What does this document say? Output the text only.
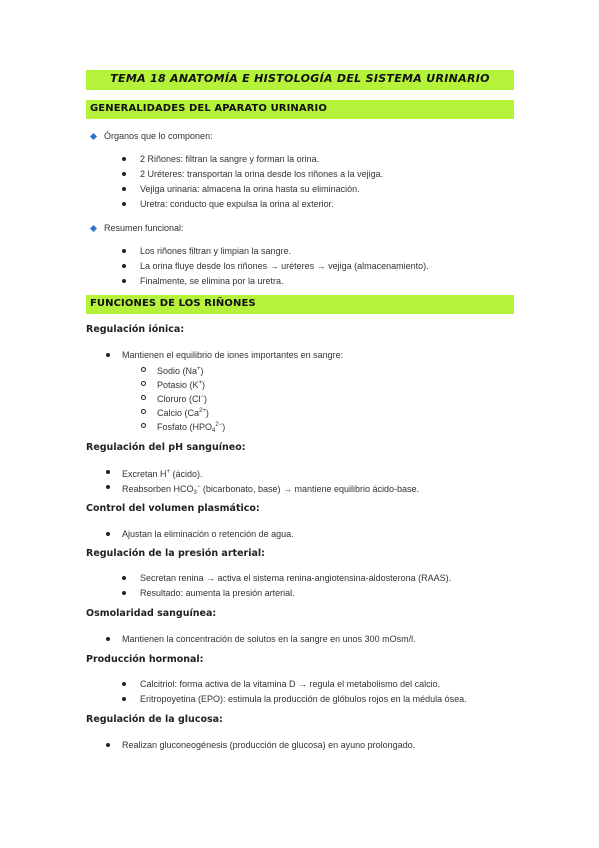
TEMA 18 ANATOMÍA E HISTOLOGÍA DEL SISTEMA URINARIO
GENERALIDADES DEL APARATO URINARIO
Órganos que lo componen:
2 Riñones: filtran la sangre y forman la orina.
2 Uréteres: transportan la orina desde los riñones a la vejiga.
Vejiga urinaria: almacena la orina hasta su eliminación.
Uretra: conducto que expulsa la orina al exterior.
Resumen funcional:
Los riñones filtran y limpian la sangre.
La orina fluye desde los riñones → uréteres → vejiga (almacenamiento).
Finalmente, se elimina por la uretra.
FUNCIONES DE LOS RIÑONES
Regulación iónica:
Mantienen el equilibrio de iones importantes en sangre:
Sodio (Na+)
Potasio (K+)
Cloruro (Cl−)
Calcio $(Ca^{2+})$
Fosfato $(HPO_4^{2-})$
Regulación del pH sanguíneo:
Excretan H+ (ácido).
Reabsorben $HCO_3^-$ (bicarbonato, base) → mantiene equilibrio ácido-base.
Control del volumen plasmático:
Ajustan la eliminación o retención de agua.
Regulación de la presión arterial:
Secretan renina → activa el sistema renina-angiotensina-aldosterona (RAAS).
Resultado: aumenta la presión arterial.
Osmolaridad sanguínea:
Mantienen la concentración de solutos en la sangre en unos 300 mOsm/l.
Producción hormonal:
Calcitriol: forma activa de la vitamina D → regula el metabolismo del calcio.
Eritropoyetina (EPO): estimula la producción de glóbulos rojos en la médula ósea.
Regulación de la glucosa:
Realizan gluconeogénesis (producción de glucosa) en ayuno prolongado.
